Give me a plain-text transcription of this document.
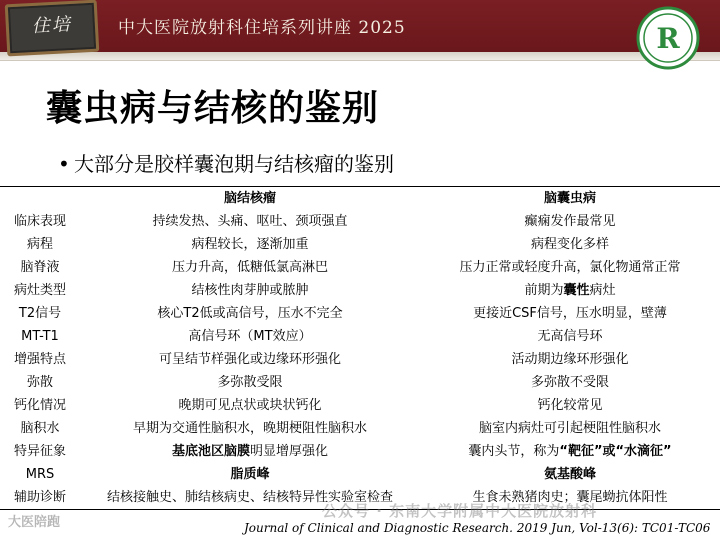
住培	中大医院放射科住培系列讲座 2025	R
囊虫病与结核的鉴别
• 大部分是胶样囊泡期与结核瘤的鉴别
	脑结核瘤	脑囊虫病
临床表现	持续发热、头痛、呕吐、颈项强直	癫痫发作最常见
病程	病程较长，逐渐加重	病程变化多样
脑脊液	压力升高，低糖低氯高淋巴	压力正常或轻度升高，氯化物通常正常
病灶类型	结核性肉芽肿或脓肿	前期为囊性病灶
T2信号	核心T2低或高信号，压水不完全	更接近CSF信号，压水明显，壁薄
MT-T1	高信号环（MT效应）	无高信号环
增强特点	可呈结节样强化或边缘环形强化	活动期边缘环形强化
弥散	多弥散受限	多弥散不受限
钙化情况	晚期可见点状或块状钙化	钙化较常见
脑积水	早期为交通性脑积水，晚期梗阻性脑积水	脑室内病灶可引起梗阻性脑积水
特异征象	基底池区脑膜明显增厚强化	囊内头节，称为“靶征”或“水滴征”
MRS	脂质峰	氨基酸峰
辅助诊断	结核接触史、肺结核病史、结核特异性实验室检查	生食未熟猪肉史；囊尾蚴抗体阳性
大医陪跑
公众号 · 东南大学附属中大医院放射科
Journal of Clinical and Diagnostic Research. 2019 Jun, Vol-13(6): TC01-TC06
